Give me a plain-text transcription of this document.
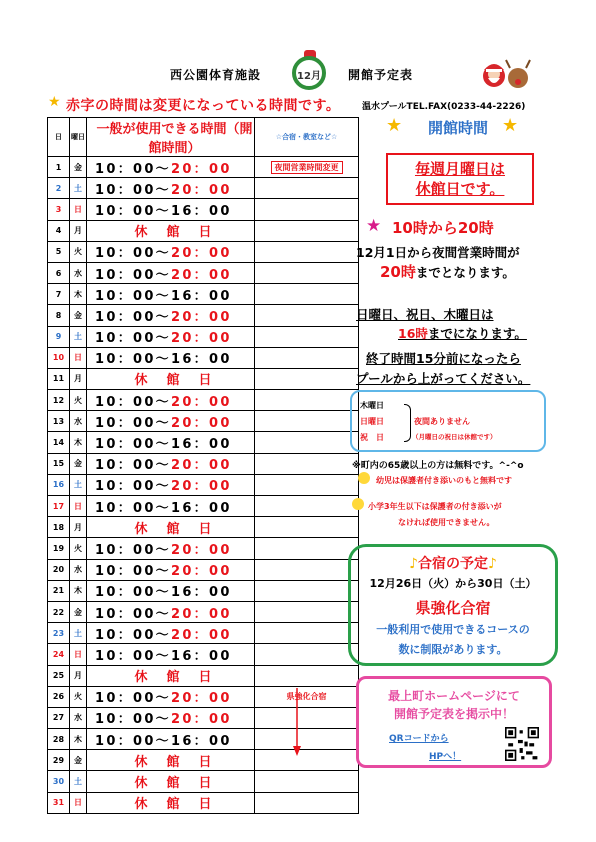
西公園体育施設	12月 開館予定表
★ 赤字の時間は変更になっている時間です。 温水プールTEL.FAX(0233-44-2226)
日	曜日	一般が使用できる時間（開館時間）	☆合宿・教室など☆
1	金	10：00～20：00	夜間営業時間変更
2	土	10：00～20：00	
3	日	10：00～16：00	
4	月	休　館　日	
5	火	10：00～20：00	
6	水	10：00～20：00	
7	木	10：00～16：00	
8	金	10：00～20：00	
9	土	10：00～20：00	
10	日	10：00～16：00	
11	月	休　館　日	
12	火	10：00～20：00	
13	水	10：00～20：00	
14	木	10：00～16：00	
15	金	10：00～20：00	
16	土	10：00～20：00	
17	日	10：00～16：00	
18	月	休　館　日	
19	火	10：00～20：00	
20	水	10：00～20：00	
21	木	10：00～16：00	
22	金	10：00～20：00	
23	土	10：00～20：00	
24	日	10：00～16：00	
25	月	休　館　日	
26	火	10：00～20：00	県強化合宿
27	水	10：00～20：00	
28	木	10：00～16：00	
29	金	休　館　日	
30	土	休　館　日	
31	日	休　館　日	
★	開館時間 ★
毎週月曜日は
休館日です。
★ 10時から20時
12月1日から夜間営業時間が
20時までとなります。
日曜日、祝日、木曜日は
16時までになります。
終了時間15分前になったら
プールから上がってください。
木曜日
日曜日
祝　日
夜間ありません
（月曜日の祝日は休館です）
※町内の65歳以上の方は無料です。^-^o
幼児は保護者付き添いのもと無料です
小学3年生以下は保護者の付き添いが
なければ使用できません。
♪合宿の予定♪
12月26日（火）から30日（土）
県強化合宿
一般利用で使用できるコースの
数に制限があります。
最上町ホームページにて
開館予定表を掲示中！
QRコードから
HPへ！
